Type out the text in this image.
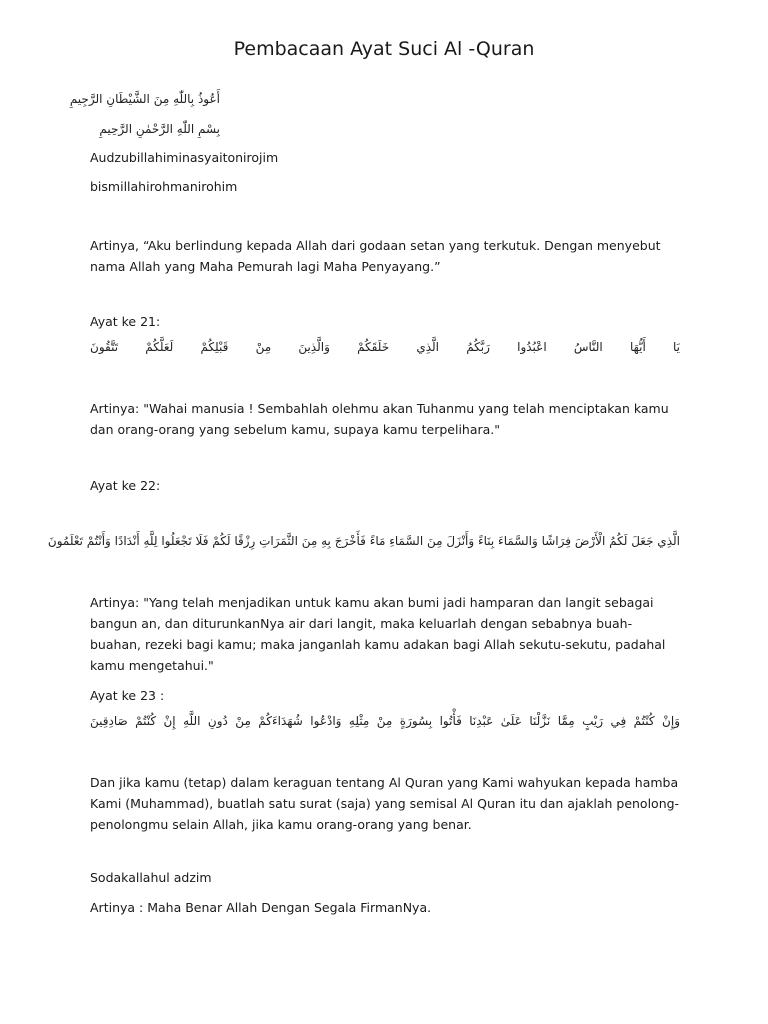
Pembacaan Ayat Suci Al -Quran
أَعُوذُ بِاللّٰهِ مِنَ الشَّيْطَانِ الرَّجِيمِ
بِسْمِ اللّٰهِ الرَّحْمٰنِ الرَّحِيمِ
Audzubillahiminasyaitonirojim
bismillahirohmanirohim
Artinya, “Aku berlindung kepada Allah dari godaan setan yang terkutuk. Dengan menyebut nama Allah yang Maha Pemurah lagi Maha Penyayang.”
Ayat ke 21:
يَا أَيُّهَا النَّاسُ اعْبُدُوا رَبَّكُمُ الَّذِي خَلَقَكُمْ وَالَّذِينَ مِنْ قَبْلِكُمْ لَعَلَّكُمْ تَتَّقُونَ
Artinya: "Wahai manusia ! Sembahlah olehmu akan Tuhanmu yang telah menciptakan kamu dan orang-orang yang sebelum kamu, supaya kamu terpelihara."
Ayat ke 22:
الَّذِي جَعَلَ لَكُمُ الْأَرْضَ فِرَاشًا وَالسَّمَاءَ بِنَاءً وَأَنْزَلَ مِنَ السَّمَاءِ مَاءً فَأَخْرَجَ بِهِ مِنَ الثَّمَرَاتِ رِزْقًا لَكُمْ فَلَا تَجْعَلُوا لِلَّهِ أَنْدَادًا وَأَنْتُمْ تَعْلَمُونَ
Artinya: "Yang telah menjadikan untuk kamu akan bumi jadi hamparan dan langit sebagai bangun an, dan diturunkanNya air dari langit, maka keluarlah dengan sebabnya buah-buahan, rezeki bagi kamu; maka janganlah kamu adakan bagi Allah sekutu-sekutu, padahal kamu mengetahui."
Ayat ke 23 :
وَإِنْ كُنْتُمْ فِي رَيْبٍ مِمَّا نَزَّلْنَا عَلَىٰ عَبْدِنَا فَأْتُوا بِسُورَةٍ مِنْ مِثْلِهِ وَادْعُوا شُهَدَاءَكُمْ مِنْ دُونِ اللَّهِ إِنْ كُنْتُمْ صَادِقِينَ
Dan jika kamu (tetap) dalam keraguan tentang Al Quran yang Kami wahyukan kepada hamba Kami (Muhammad), buatlah satu surat (saja) yang semisal Al Quran itu dan ajaklah penolong-penolongmu selain Allah, jika kamu orang-orang yang benar.
Sodakallahul adzim
Artinya : Maha Benar Allah Dengan Segala FirmanNya.
